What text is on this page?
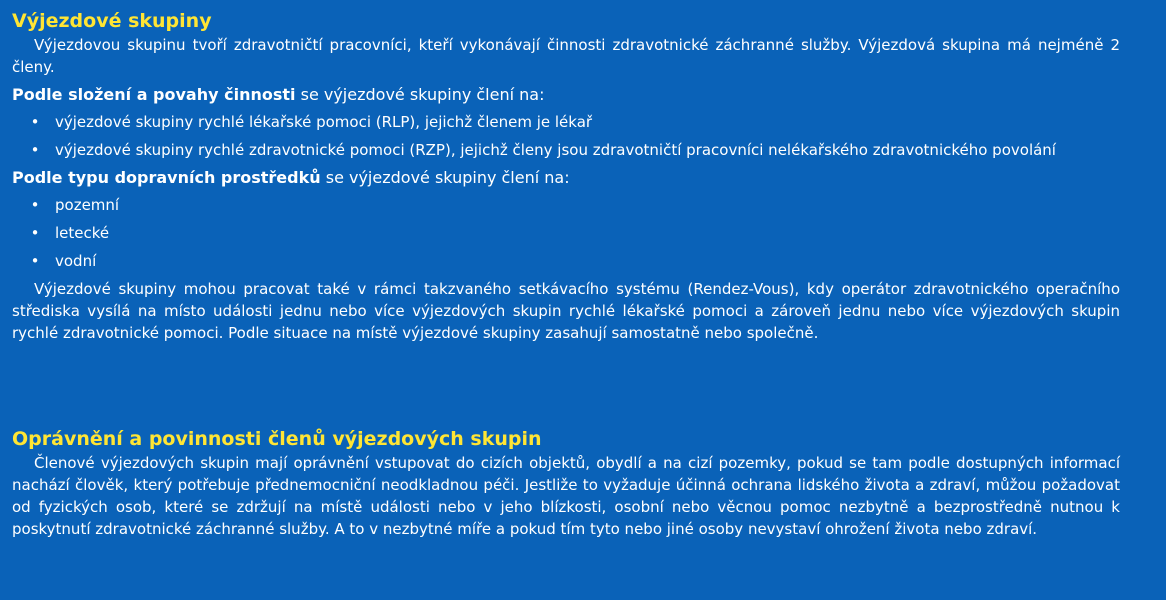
Výjezdové skupiny

Výjezdovou skupinu tvoří zdravotničtí pracovníci, kteří vykonávají činnosti zdravotnické záchranné služby. Výjezdová skupina má nejméně 2 členy.

Podle složení a povahy činnosti se výjezdové skupiny člení na:

• výjezdové skupiny rychlé lékařské pomoci (RLP), jejichž členem je lékař
• výjezdové skupiny rychlé zdravotnické pomoci (RZP), jejichž členy jsou zdravotničtí pracovníci nelékařského zdravotnického povolání

Podle typu dopravních prostředků se výjezdové skupiny člení na:

• pozemní
• letecké
• vodní

Výjezdové skupiny mohou pracovat také v rámci takzvaného setkávacího systému (Rendez-Vous), kdy operátor zdravotnického operačního střediska vysílá na místo události jednu nebo více výjezdových skupin rychlé lékařské pomoci a zároveň jednu nebo více výjezdových skupin rychlé zdravotnické pomoci. Podle situace na místě výjezdové skupiny zasahují samostatně nebo společně.

Oprávnění a povinnosti členů výjezdových skupin

Členové výjezdových skupin mají oprávnění vstupovat do cizích objektů, obydlí a na cizí pozemky, pokud se tam podle dostupných informací nachází člověk, který potřebuje přednemocniční neodkladnou péči. Jestliže to vyžaduje účinná ochrana lidského života a zdraví, můžou požadovat od fyzických osob, které se zdržují na místě události nebo v jeho blízkosti, osobní nebo věcnou pomoc nezbytně a bezprostředně nutnou k poskytnutí zdravotnické záchranné služby. A to v nezbytné míře a pokud tím tyto nebo jiné osoby nevystaví ohrožení života nebo zdraví.
